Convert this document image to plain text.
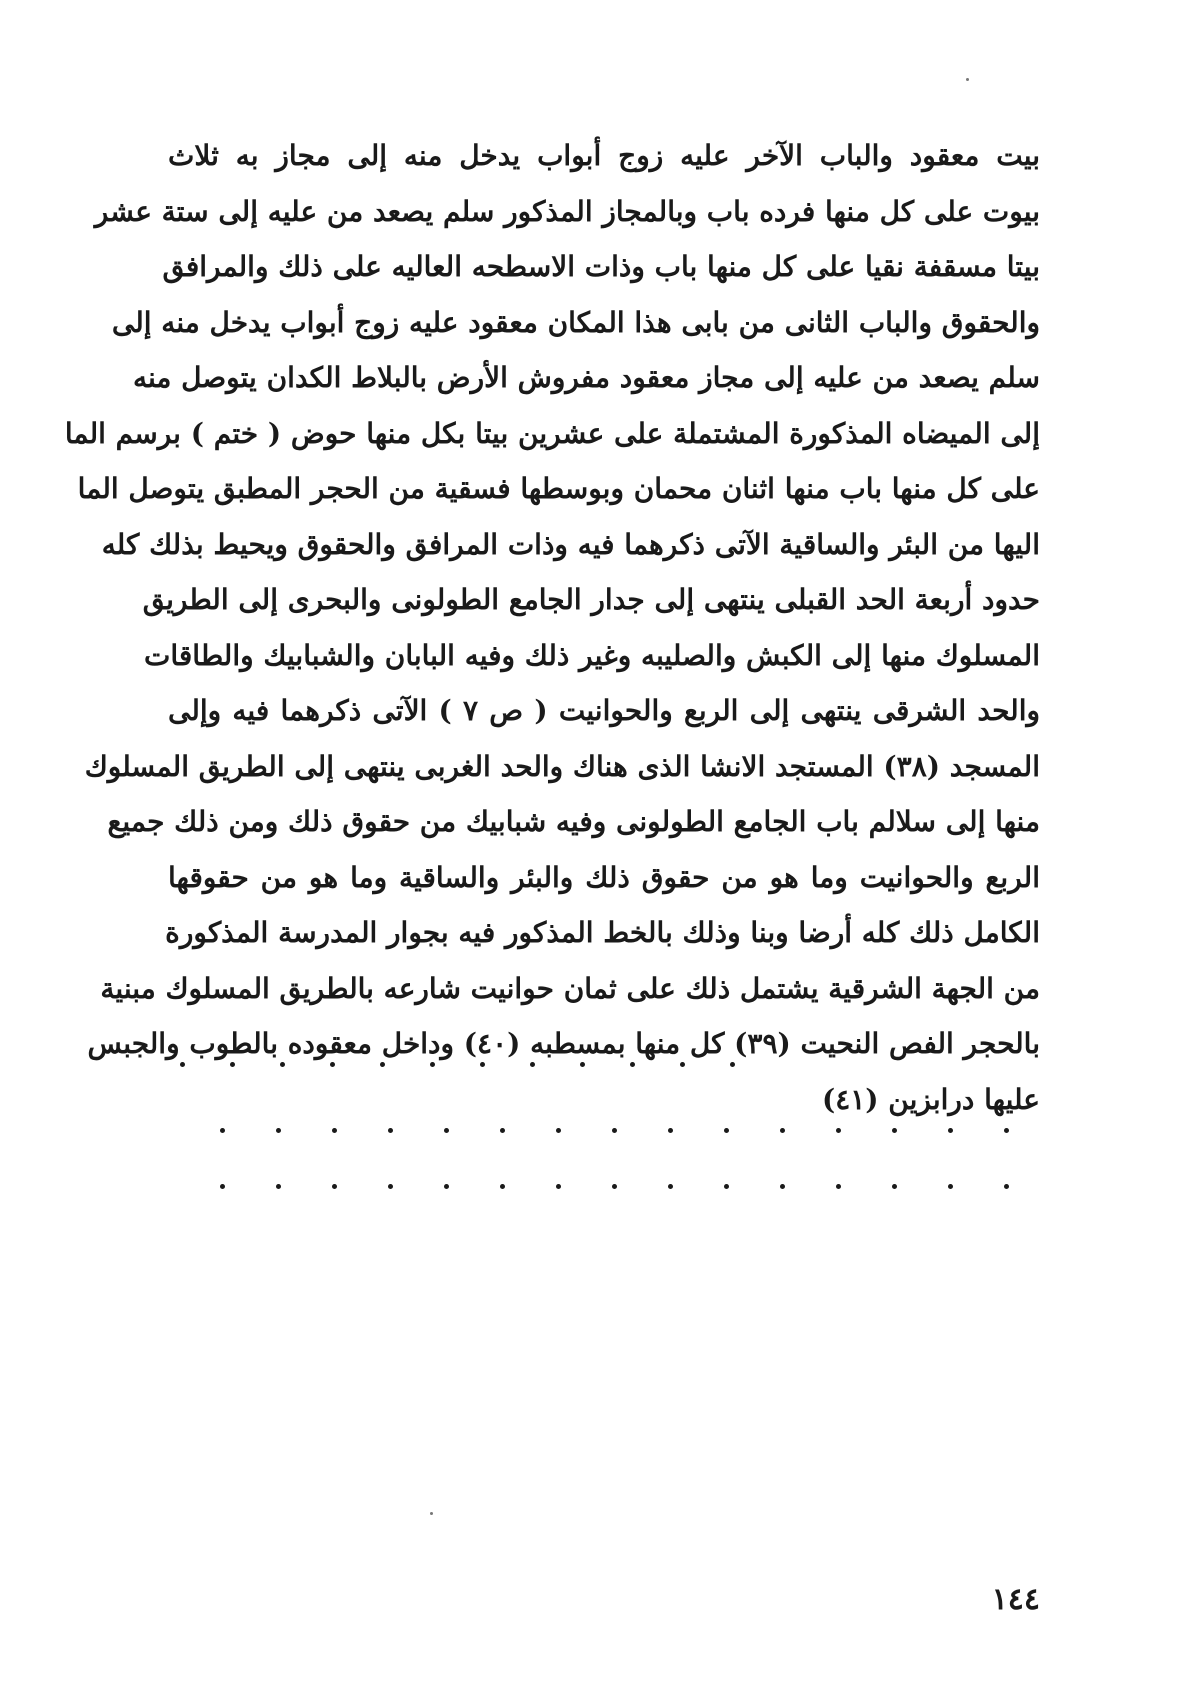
بيت معقود والباب الآخر عليه زوج أبواب يدخل منه إلى مجاز به ثلاث
بيوت على كل منها فرده باب وبالمجاز المذكور سلم يصعد من عليه إلى ستة عشر
بيتا مسقفة نقيا على كل منها باب وذات الاسطحه العاليه على ذلك والمرافق
والحقوق والباب الثانى من بابى هذا المكان معقود عليه زوج أبواب يدخل منه إلى
سلم يصعد من عليه إلى مجاز معقود مفروش الأرض بالبلاط الكدان يتوصل منه
إلى الميضاه المذكورة المشتملة على عشرين بيتا بكل منها حوض ( ختم ) برسم الما
على كل منها باب منها اثنان محمان وبوسطها فسقية من الحجر المطبق يتوصل الما
اليها من البئر والساقية الآتى ذكرهما فيه وذات المرافق والحقوق ويحيط بذلك كله
حدود أربعة الحد القبلى ينتهى إلى جدار الجامع الطولونى والبحرى إلى الطريق
المسلوك منها إلى الكبش والصليبه وغير ذلك وفيه البابان والشبابيك والطاقات
والحد الشرقى ينتهى إلى الربع والحوانيت ( ص ٧ ) الآتى ذكرهما فيه وإلى
المسجد (٣٨) المستجد الانشا الذى هناك والحد الغربى ينتهى إلى الطريق المسلوك
منها إلى سلالم باب الجامع الطولونى وفيه شبابيك من حقوق ذلك ومن ذلك جميع
الربع والحوانيت وما هو من حقوق ذلك والبئر والساقية وما هو من حقوقها
الكامل ذلك كله أرضا وبنا وذلك بالخط المذكور فيه بجوار المدرسة المذكورة
من الجهة الشرقية يشتمل ذلك على ثمان حوانيت شارعه بالطريق المسلوك مبنية
بالحجر الفص النحيت (٣٩) كل منها بمسطبه (٤٠) وداخل معقوده بالطوب والجبس
عليها درابزين (٤١)
١٤٤
